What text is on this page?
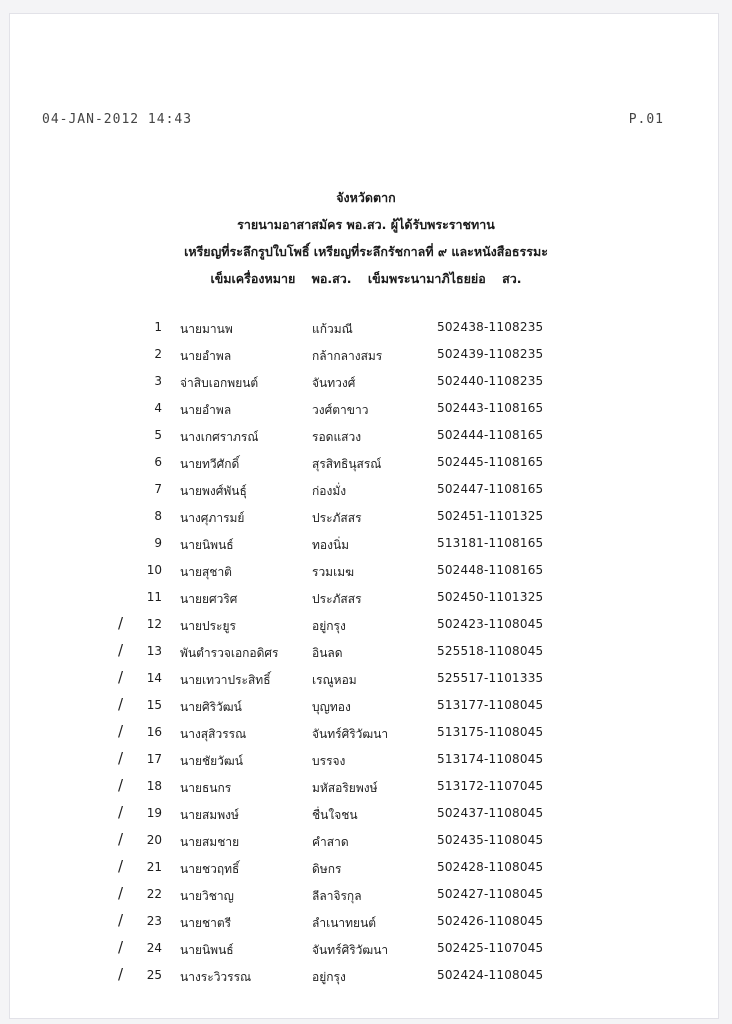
04-JAN-2012 14:43	P.01
จังหวัดตาก
รายนามอาสาสมัคร พอ.สว. ผู้ได้รับพระราชทาน
เหรียญที่ระลึกรูปใบโพธิ์ เหรียญที่ระลึกรัชกาลที่ ๙ และหนังสือธรรมะ
เข็มเครื่องหมาย พอ.สว. เข็มพระนามาภิไธยย่อ สว.
1 นายมานพ	แก้วมณี	502438-1108235
2 นายอำพล	กล้ากลางสมร	502439-1108235
3 จ่าสิบเอกพยนต์	จันทวงศ์	502440-1108235
4 นายอำพล	วงศ์ตาขาว	502443-1108165
5 นางเกศราภรณ์	รอดแสวง	502444-1108165
6 นายทวีศักดิ์	สุรสิทธินุสรณ์	502445-1108165
7 นายพงศ์พันธุ์	ก่องมั่ง	502447-1108165
8 นางศุภารมย์	ประภัสสร	502451-1101325
9 นายนิพนธ์	ทองนิ่ม	513181-1108165
10 นายสุชาติ	รวมเมฆ	502448-1108165
11 นายยศวริศ	ประภัสสร	502450-1101325
/	12 นายประยูร	อยู่กรุง	502423-1108045
/	13 พันตำรวจเอกอดิศร	อินลด	525518-1108045
/	14 นายเทวาประสิทธิ์	เรณูหอม	525517-1101335
/	15 นายศิริวัฒน์	บุญทอง	513177-1108045
/	16 นางสุสิวรรณ	จันทร์ศิริวัฒนา	513175-1108045
/	17 นายชัยวัฒน์	บรรจง	513174-1108045
/	18 นายธนกร	มหัสอริยพงษ์	513172-1107045
/	19 นายสมพงษ์	ชื่นใจชน	502437-1108045
/	20 นายสมชาย	คำสาด	502435-1108045
/	21 นายชวฤทธิ์	ดิษกร	502428-1108045
/	22 นายวิชาญ	ลีลาจิรกุล	502427-1108045
/	23 นายชาตรี	ลำเนาทยนต์	502426-1108045
/	24 นายนิพนธ์	จันทร์ศิริวัฒนา	502425-1107045
/	25 นางระวิวรรณ	อยู่กรุง	502424-1108045
